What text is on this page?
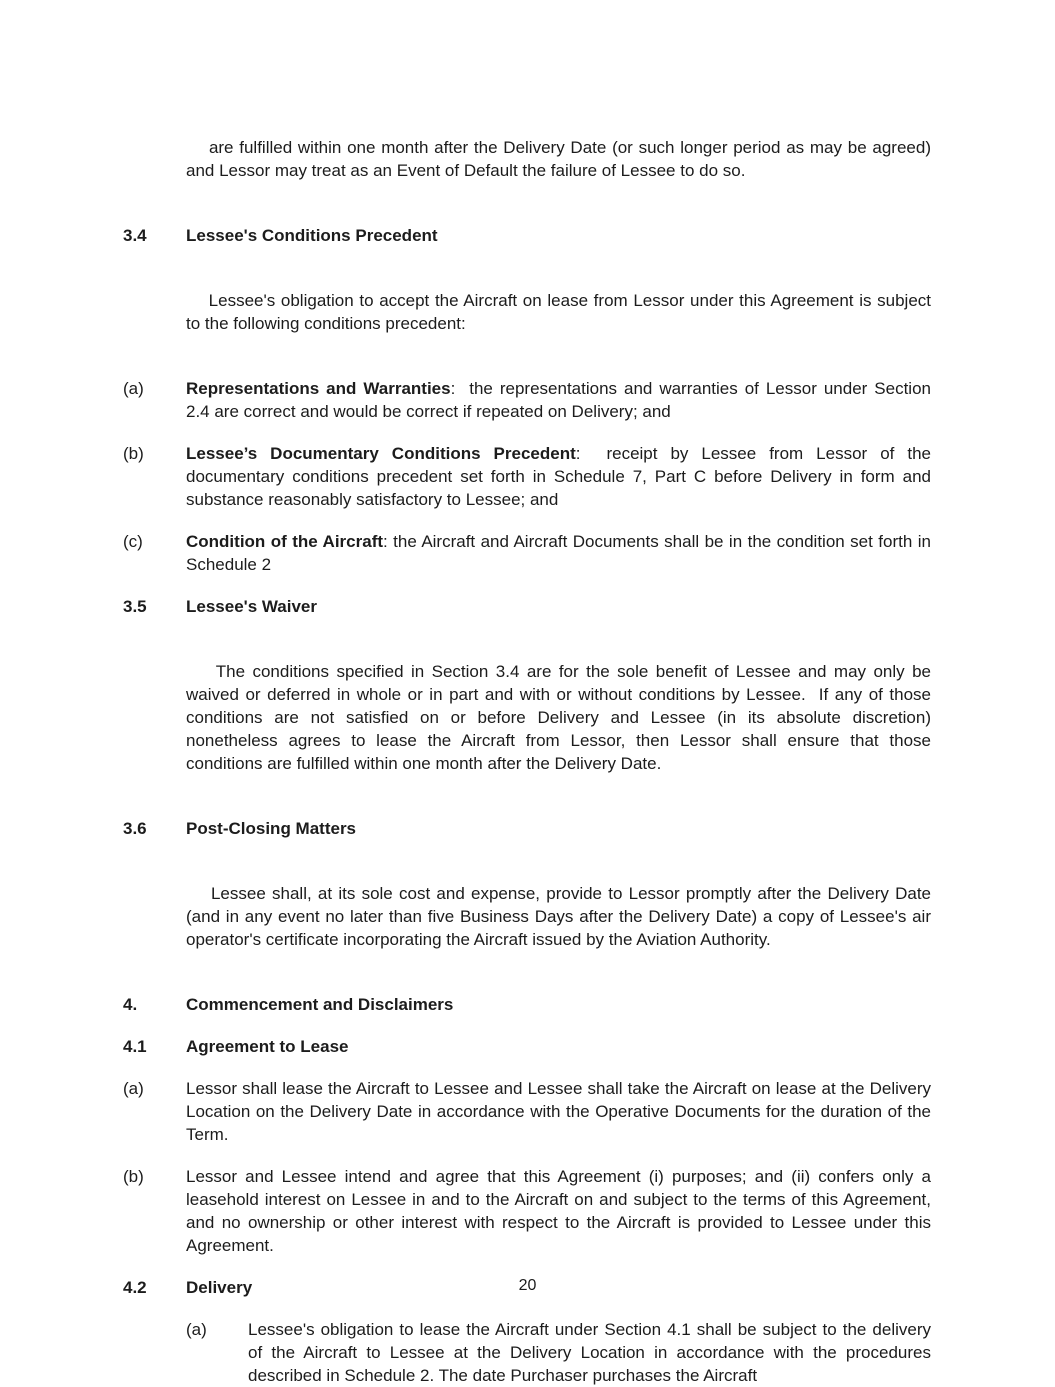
are fulfilled within one month after the Delivery Date (or such longer period as may be agreed) and Lessor may treat as an Event of Default the failure of Lessee to do so.

3.4	Lessee's Conditions Precedent

Lessee's obligation to accept the Aircraft on lease from Lessor under this Agreement is subject to the following conditions precedent:

(a)	Representations and Warranties:  the representations and warranties of Lessor under Section 2.4 are correct and would be correct if repeated on Delivery; and
(b)	Lessee’s Documentary Conditions Precedent:  receipt by Lessee from Lessor of the documentary conditions precedent set forth in Schedule 7, Part C before Delivery in form and substance reasonably satisfactory to Lessee; and
(c)	Condition of the Aircraft: the Aircraft and Aircraft Documents shall be in the condition set forth in Schedule 2
3.5	Lessee's Waiver

The conditions specified in Section 3.4 are for the sole benefit of Lessee and may only be waived or deferred in whole or in part and with or without conditions by Lessee.  If any of those conditions are not satisfied on or before Delivery and Lessee (in its absolute discretion) nonetheless agrees to lease the Aircraft from Lessor, then Lessor shall ensure that those conditions are fulfilled within one month after the Delivery Date.

3.6	Post-Closing Matters

Lessee shall, at its sole cost and expense, provide to Lessor promptly after the Delivery Date (and in any event no later than five Business Days after the Delivery Date) a copy of Lessee's air operator's certificate incorporating the Aircraft issued by the Aviation Authority.

4.	Commencement and Disclaimers
4.1	Agreement to Lease
(a)	Lessor shall lease the Aircraft to Lessee and Lessee shall take the Aircraft on lease at the Delivery Location on the Delivery Date in accordance with the Operative Documents for the duration of the Term.
(b)	Lessor and Lessee intend and agree that this Agreement (i) purposes; and (ii) confers only a leasehold interest on Lessee in and to the Aircraft on and subject to the terms of this Agreement, and no ownership or other interest with respect to the Aircraft is provided to Lessee under this Agreement.
4.2	Delivery
(a)	Lessee's obligation to lease the Aircraft under Section 4.1 shall be subject to the delivery of the Aircraft to Lessee at the Delivery Location in accordance with the procedures described in Schedule 2. The date Purchaser purchases the Aircraft
20
